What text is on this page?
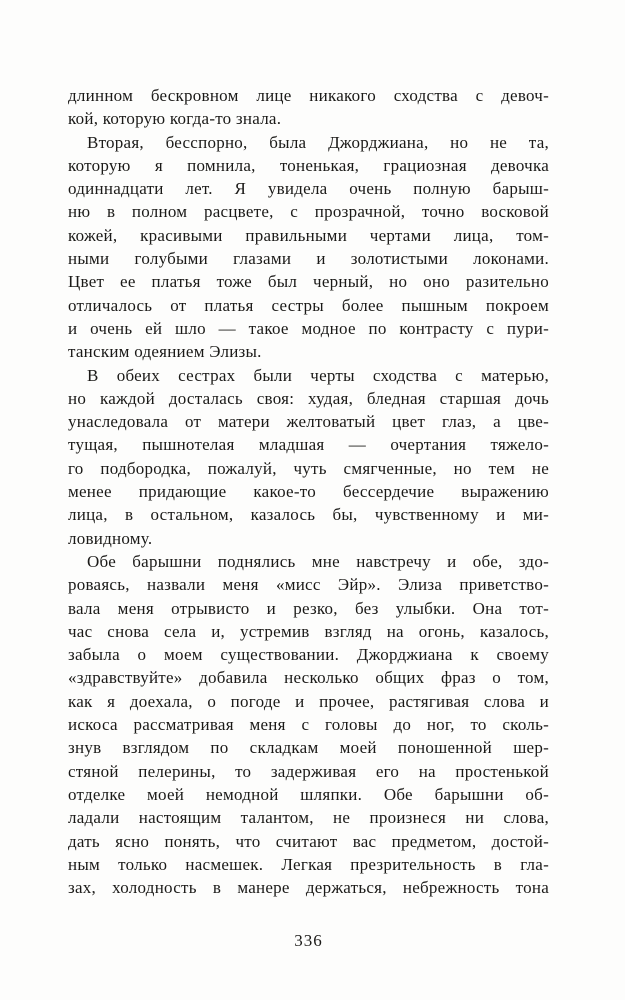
длинном бескровном лице никакого сходства с девоч-
кой, которую когда-то знала.
Вторая, бесспорно, была Джорджиана, но не та,
которую я помнила, тоненькая, грациозная девочка
одиннадцати лет. Я увидела очень полную барыш-
ню в полном расцвете, с прозрачной, точно восковой
кожей, красивыми правильными чертами лица, том-
ными голубыми глазами и золотистыми локонами.
Цвет ее платья тоже был черный, но оно разительно
отличалось от платья сестры более пышным покроем
и очень ей шло — такое модное по контрасту с пури-
танским одеянием Элизы.
В обеих сестрах были черты сходства с матерью,
но каждой досталась своя: худая, бледная старшая дочь
унаследовала от матери желтоватый цвет глаз, а цве-
тущая, пышнотелая младшая — очертания тяжело-
го подбородка, пожалуй, чуть смягченные, но тем не
менее придающие какое-то бессердечие выражению
лица, в остальном, казалось бы, чувственному и ми-
ловидному.
Обе барышни поднялись мне навстречу и обе, здо-
роваясь, назвали меня «мисс Эйр». Элиза приветство-
вала меня отрывисто и резко, без улыбки. Она тот-
час снова села и, устремив взгляд на огонь, казалось,
забыла о моем существовании. Джорджиана к своему
«здравствуйте» добавила несколько общих фраз о том,
как я доехала, о погоде и прочее, растягивая слова и
искоса рассматривая меня с головы до ног, то сколь-
знув взглядом по складкам моей поношенной шер-
стяной пелерины, то задерживая его на простенькой
отделке моей немодной шляпки. Обе барышни об-
ладали настоящим талантом, не произнеся ни слова,
дать ясно понять, что считают вас предметом, достой-
ным только насмешек. Легкая презрительность в гла-
зах, холодность в манере держаться, небрежность тона
336
